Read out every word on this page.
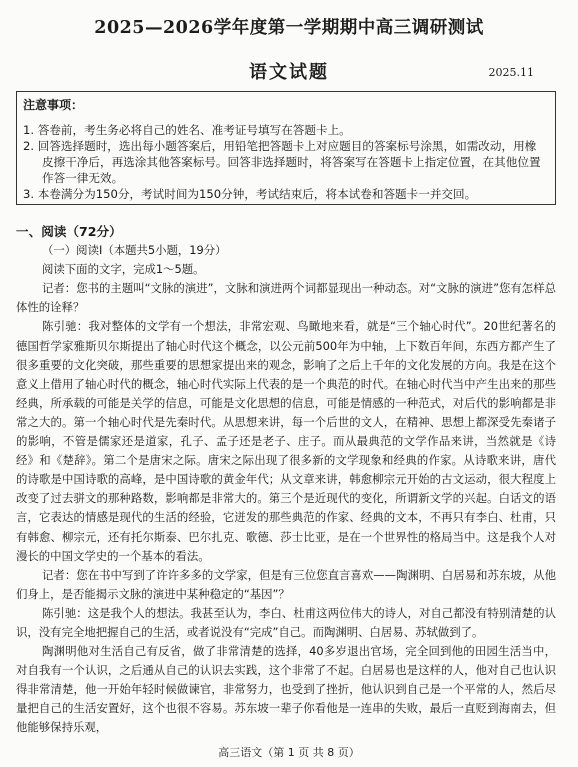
2025—2026学年度第一学期期中高三调研测试
语文试题	2025.11
注意事项：

1. 答卷前，考生务必将自己的姓名、准考证号填写在答题卡上。

2. 回答选择题时，选出每小题答案后，用铅笔把答题卡上对应题目的答案标号涂黑，如需改动，用橡皮擦干净后，再选涂其他答案标号。回答非选择题时，将答案写在答题卡上指定位置，在其他位置作答一律无效。

3. 本卷满分为150分，考试时间为150分钟，考试结束后，将本试卷和答题卡一并交回。

一、阅读（72分）

（一）阅读Ⅰ（本题共5小题，19分）

阅读下面的文字，完成1～5题。

记者：您书的主题叫“文脉的演进”，文脉和演进两个词都显现出一种动态。对“文脉的演进”您有怎样总体性的诠释？

陈引驰：我对整体的文学有一个想法，非常宏观、鸟瞰地来看，就是“三个轴心时代”。20世纪著名的德国哲学家雅斯贝尔斯提出了轴心时代这个概念，以公元前500年为中轴，上下数百年间，东西方都产生了很多重要的文化突破，那些重要的思想家提出来的观念，影响了之后上千年的文化发展的方向。我是在这个意义上借用了轴心时代的概念，轴心时代实际上代表的是一个典范的时代。在轴心时代当中产生出来的那些经典，所承载的可能是关学的信息，可能是文化思想的信息，可能是情感的一种范式，对后代的影响都是非常之大的。第一个轴心时代是先秦时代。从思想来讲，每一个后世的文人，在精神、思想上都深受先秦诸子的影响，不管是儒家还是道家，孔子、孟子还是老子、庄子。而从最典范的文学作品来讲，当然就是《诗经》和《楚辞》。第二个是唐宋之际。唐宋之际出现了很多新的文学现象和经典的作家。从诗歌来讲，唐代的诗歌是中国诗歌的高峰，是中国诗歌的黄金年代；从文章来讲，韩愈柳宗元开始的古文运动，很大程度上改变了过去骈文的那种路数，影响都是非常大的。第三个是近现代的变化，所谓新文学的兴起。白话文的语言，它表达的情感是现代的生活的经验，它迸发的那些典范的作家、经典的文本，不再只有李白、杜甫，只有韩愈、柳宗元，还有托尔斯泰、巴尔扎克、歌德、莎士比亚，是在一个世界性的格局当中。这是我个人对漫长的中国文学史的一个基本的看法。

记者：您在书中写到了许许多多的文学家，但是有三位您直言喜欢——陶渊明、白居易和苏东坡，从他们身上，是否能揭示文脉的演进中某种稳定的“基因”？

陈引驰：这是我个人的想法。我甚至认为，李白、杜甫这两位伟大的诗人，对自己都没有特别清楚的认识，没有完全地把握自己的生活，或者说没有“完成”自己。而陶渊明、白居易、苏轼做到了。

陶渊明他对生活自己有反省，做了非常清楚的选择，40多岁退出官场，完全回到他的田园生活当中，对自我有一个认识，之后通从自己的认识去实践，这个非常了不起。白居易也是这样的人，他对自己也认识得非常清楚，他一开始年轻时候做谏官，非常努力，也受到了挫折，他认识到自己是一个平常的人，然后尽量把自己的生活安置好，这个也很不容易。苏东坡一辈子你看他是一连串的失败，最后一直贬到海南去，但他能够保持乐观，

高三语文（第 1 页 共 8 页）
